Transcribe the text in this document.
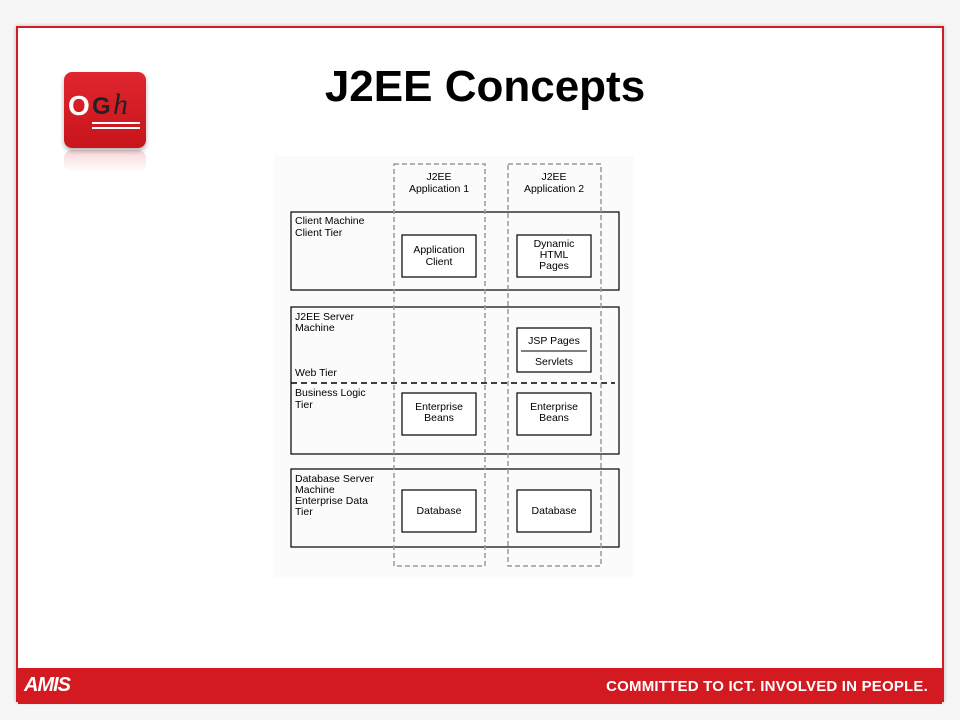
O G h	J2EE Concepts
J2EE
Application 1
J2EE
Application 2
Client Machine
Client Tier
J2EE Server
Machine
Web Tier
Business Logic
Tier
Database Server
Machine
Enterprise Data
Tier
Application
Client
Dynamic
HTML
Pages
JSP Pages
Servlets
Enterprise
Beans
Enterprise
Beans
Database	Database
AMIS	COMMITTED TO ICT. INVOLVED IN PEOPLE.
